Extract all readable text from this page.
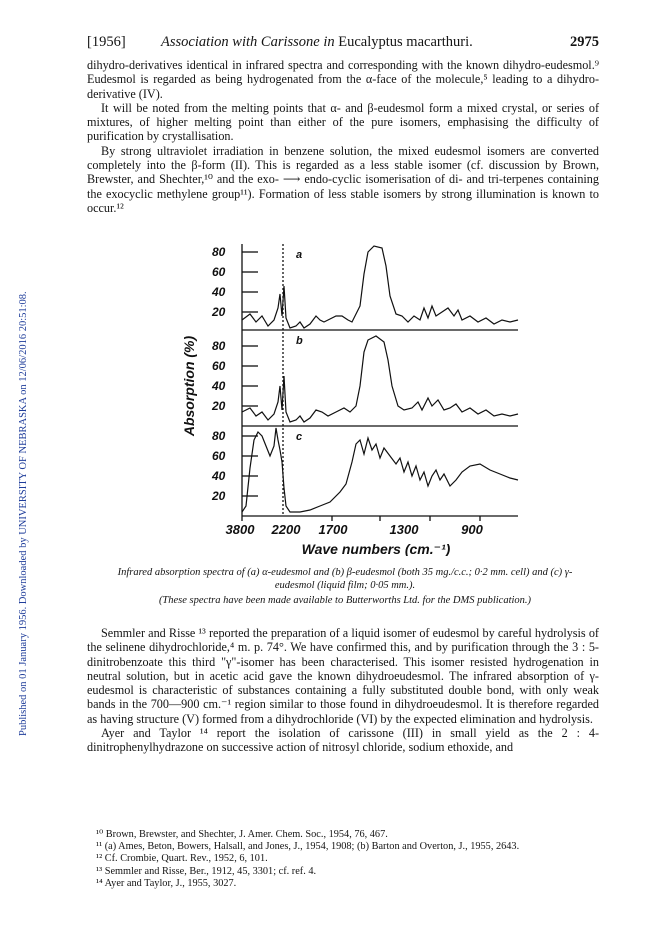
Published on 01 January 1956. Downloaded by UNIVERSITY OF NEBRASKA on 12/06/2016 20:51:08.
[1956] Association with Carissone in Eucalyptus macarthuri.	2975

dihydro-derivatives identical in infrared spectra and corresponding with the known dihydro-eudesmol.⁹ Eudesmol is regarded as being hydrogenated from the α-face of the molecule,⁵ leading to a dihydro-derivative (IV).

It will be noted from the melting points that α- and β-eudesmol form a mixed crystal, or series of mixtures, of higher melting point than either of the pure isomers, emphasising the difficulty of purification by crystallisation.

By strong ultraviolet irradiation in benzene solution, the mixed eudesmol isomers are converted completely into the β-form (II). This is regarded as a less stable isomer (cf. discussion by Brown, Brewster, and Shechter,¹⁰ and the exo- ⟶ endo-cyclic isomerisation of di- and tri-terpenes containing the exocyclic methylene group¹¹). Formation of less stable isomers by strong illumination is known to occur.¹²

80
60
40
20
80
60
40
20
80
60
40
20
a
b
c
3800 2200 1700	1300	900
Wave numbers (cm.⁻¹)
Absorption (%)
Infrared absorption spectra of (a) α-eudesmol and (b) β-eudesmol (both 35 mg./c.c.; 0·2 mm. cell) and (c) γ-eudesmol (liquid film; 0·05 mm.).
(These spectra have been made available to Butterworths Ltd. for the DMS publication.)

Semmler and Risse ¹³ reported the preparation of a liquid isomer of eudesmol by careful hydrolysis of the selinene dihydrochloride,⁴ m. p. 74°. We have confirmed this, and by purification through the 3 : 5-dinitrobenzoate this third "γ"-isomer has been characterised. This isomer resisted hydrogenation in neutral solution, but in acetic acid gave the known dihydroeudesmol. The infrared absorption of γ-eudesmol is characteristic of substances containing a fully substituted double bond, with only weak bands in the 700—900 cm.⁻¹ region similar to those found in dihydroeudesmol. It is therefore regarded as having structure (V) formed from a dihydrochloride (VI) by the expected elimination and hydrolysis.

Ayer and Taylor ¹⁴ report the isolation of carissone (III) in small yield as the 2 : 4-dinitrophenylhydrazone on successive action of nitrosyl chloride, sodium ethoxide, and

¹⁰ Brown, Brewster, and Shechter, J. Amer. Chem. Soc., 1954, 76, 467.
¹¹ (a) Ames, Beton, Bowers, Halsall, and Jones, J., 1954, 1908; (b) Barton and Overton, J., 1955, 2643.
¹² Cf. Crombie, Quart. Rev., 1952, 6, 101.
¹³ Semmler and Risse, Ber., 1912, 45, 3301; cf. ref. 4.
¹⁴ Ayer and Taylor, J., 1955, 3027.
